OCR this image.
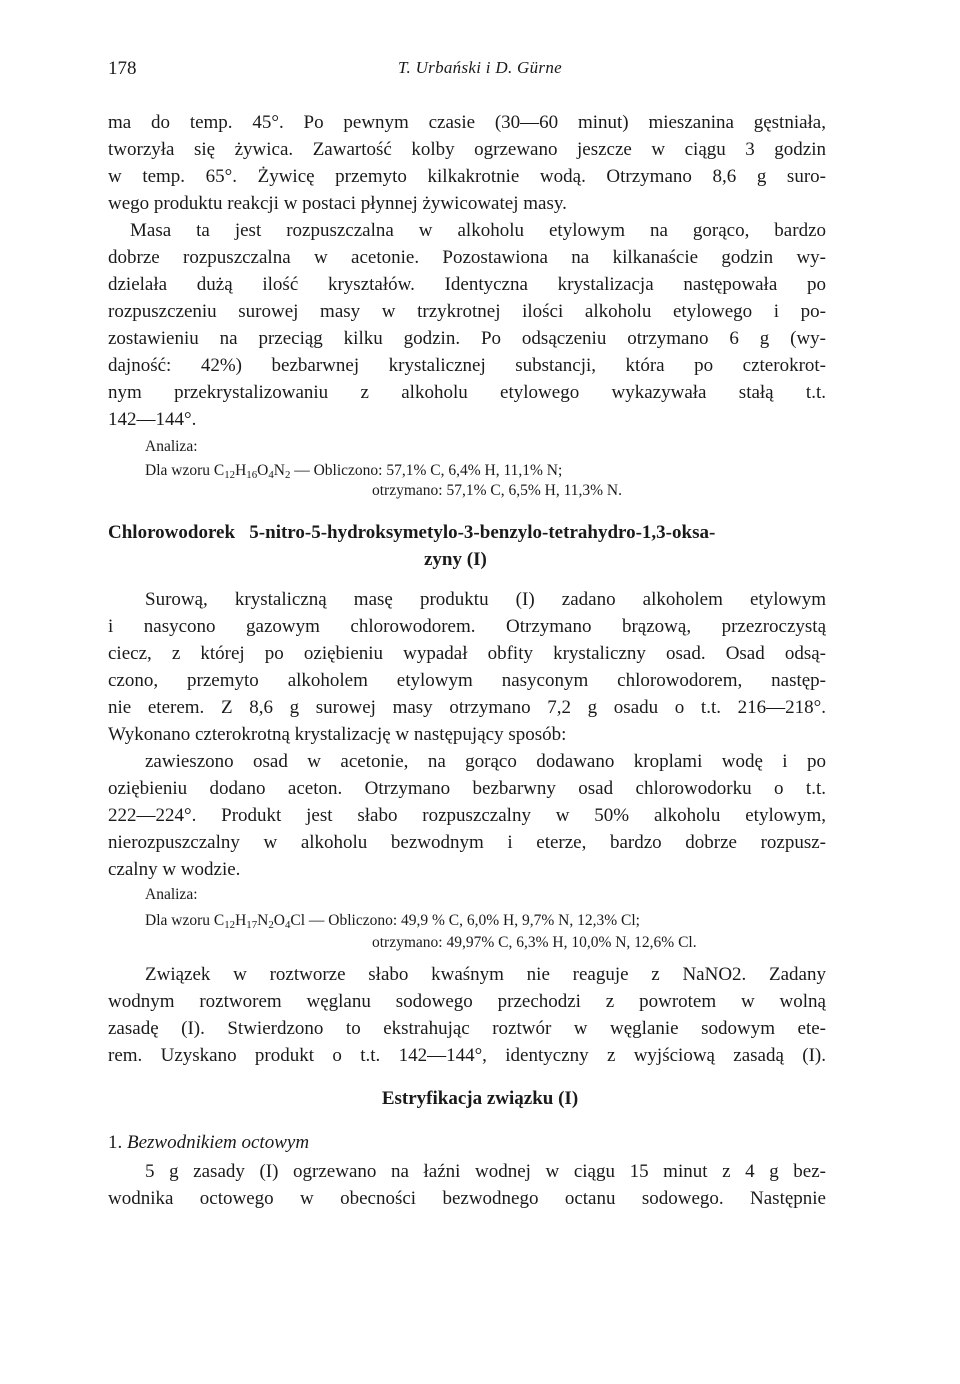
178	T. Urbański i D. Gürne
ma do temp. 45°. Po pewnym czasie (30—60 minut) mieszanina gęstniała,
tworzyła się żywica. Zawartość kolby ogrzewano jeszcze w ciągu 3 godzin
w temp. 65°. Żywicę przemyto kilkakrotnie wodą. Otrzymano 8,6 g suro-
wego produktu reakcji w postaci płynnej żywicowatej masy.
Masa ta jest rozpuszczalna w alkoholu etylowym na gorąco, bardzo
dobrze rozpuszczalna w acetonie. Pozostawiona na kilkanaście godzin wy-
dzielała dużą ilość kryształów. Identyczna krystalizacja następowała po
rozpuszczeniu surowej masy w trzykrotnej ilości alkoholu etylowego i po-
zostawieniu na przeciąg kilku godzin. Po odsączeniu otrzymano 6 g (wy-
dajność: 42%) bezbarwnej krystalicznej substancji, która po czterokrot-
nym przekrystalizowaniu z alkoholu etylowego wykazywała stałą t.t.
142—144°.
Analiza:
Dla wzoru $C_{12}H_{16}O_4N_2$ — Obliczono: 57,1% C, 6,4% H, 11,1% N;
otrzymano: 57,1% C, 6,5% H, 11,3% N.
Chlorowodorek 5-nitro-5-hydroksymetylo-3-benzylo-tetrahydro-1,3-oksa-
zyny (I)
Surową, krystaliczną masę produktu (I) zadano alkoholem etylowym
i nasycono gazowym chlorowodorem. Otrzymano brązową, przezroczystą
ciecz, z której po oziębieniu wypadał obfity krystaliczny osad. Osad odsą-
czono, przemyto alkoholem etylowym nasyconym chlorowodorem, następ-
nie eterem. Z 8,6 g surowej masy otrzymano 7,2 g osadu o t.t. 216—218°.
Wykonano czterokrotną krystalizację w następujący sposób:
zawieszono osad w acetonie, na gorąco dodawano kroplami wodę i po
oziębieniu dodano aceton. Otrzymano bezbarwny osad chlorowodorku o t.t.
222—224°. Produkt jest słabo rozpuszczalny w 50% alkoholu etylowym,
nierozpuszczalny w alkoholu bezwodnym i eterze, bardzo dobrze rozpusz-
czalny w wodzie.
Analiza:
Dla wzoru $C_{12}H_{17}N_2O_4Cl$ — Obliczono: 49,9 % C, 6,0% H, 9,7% N, 12,3% Cl;
otrzymano: 49,97% C, 6,3% H, 10,0% N, 12,6% Cl.
Związek w roztworze słabo kwaśnym nie reaguje z NaNO2. Zadany
wodnym roztworem węglanu sodowego przechodzi z powrotem w wolną
zasadę (I). Stwierdzono to ekstrahując roztwór w węglanie sodowym ete-
rem. Uzyskano produkt o t.t. 142—144°, identyczny z wyjściową zasadą (I).
Estryfikacja związku (I)
1. Bezwodnikiem octowym
5 g zasady (I) ogrzewano na łaźni wodnej w ciągu 15 minut z 4 g bez-
wodnika octowego w obecności bezwodnego octanu sodowego. Następnie
